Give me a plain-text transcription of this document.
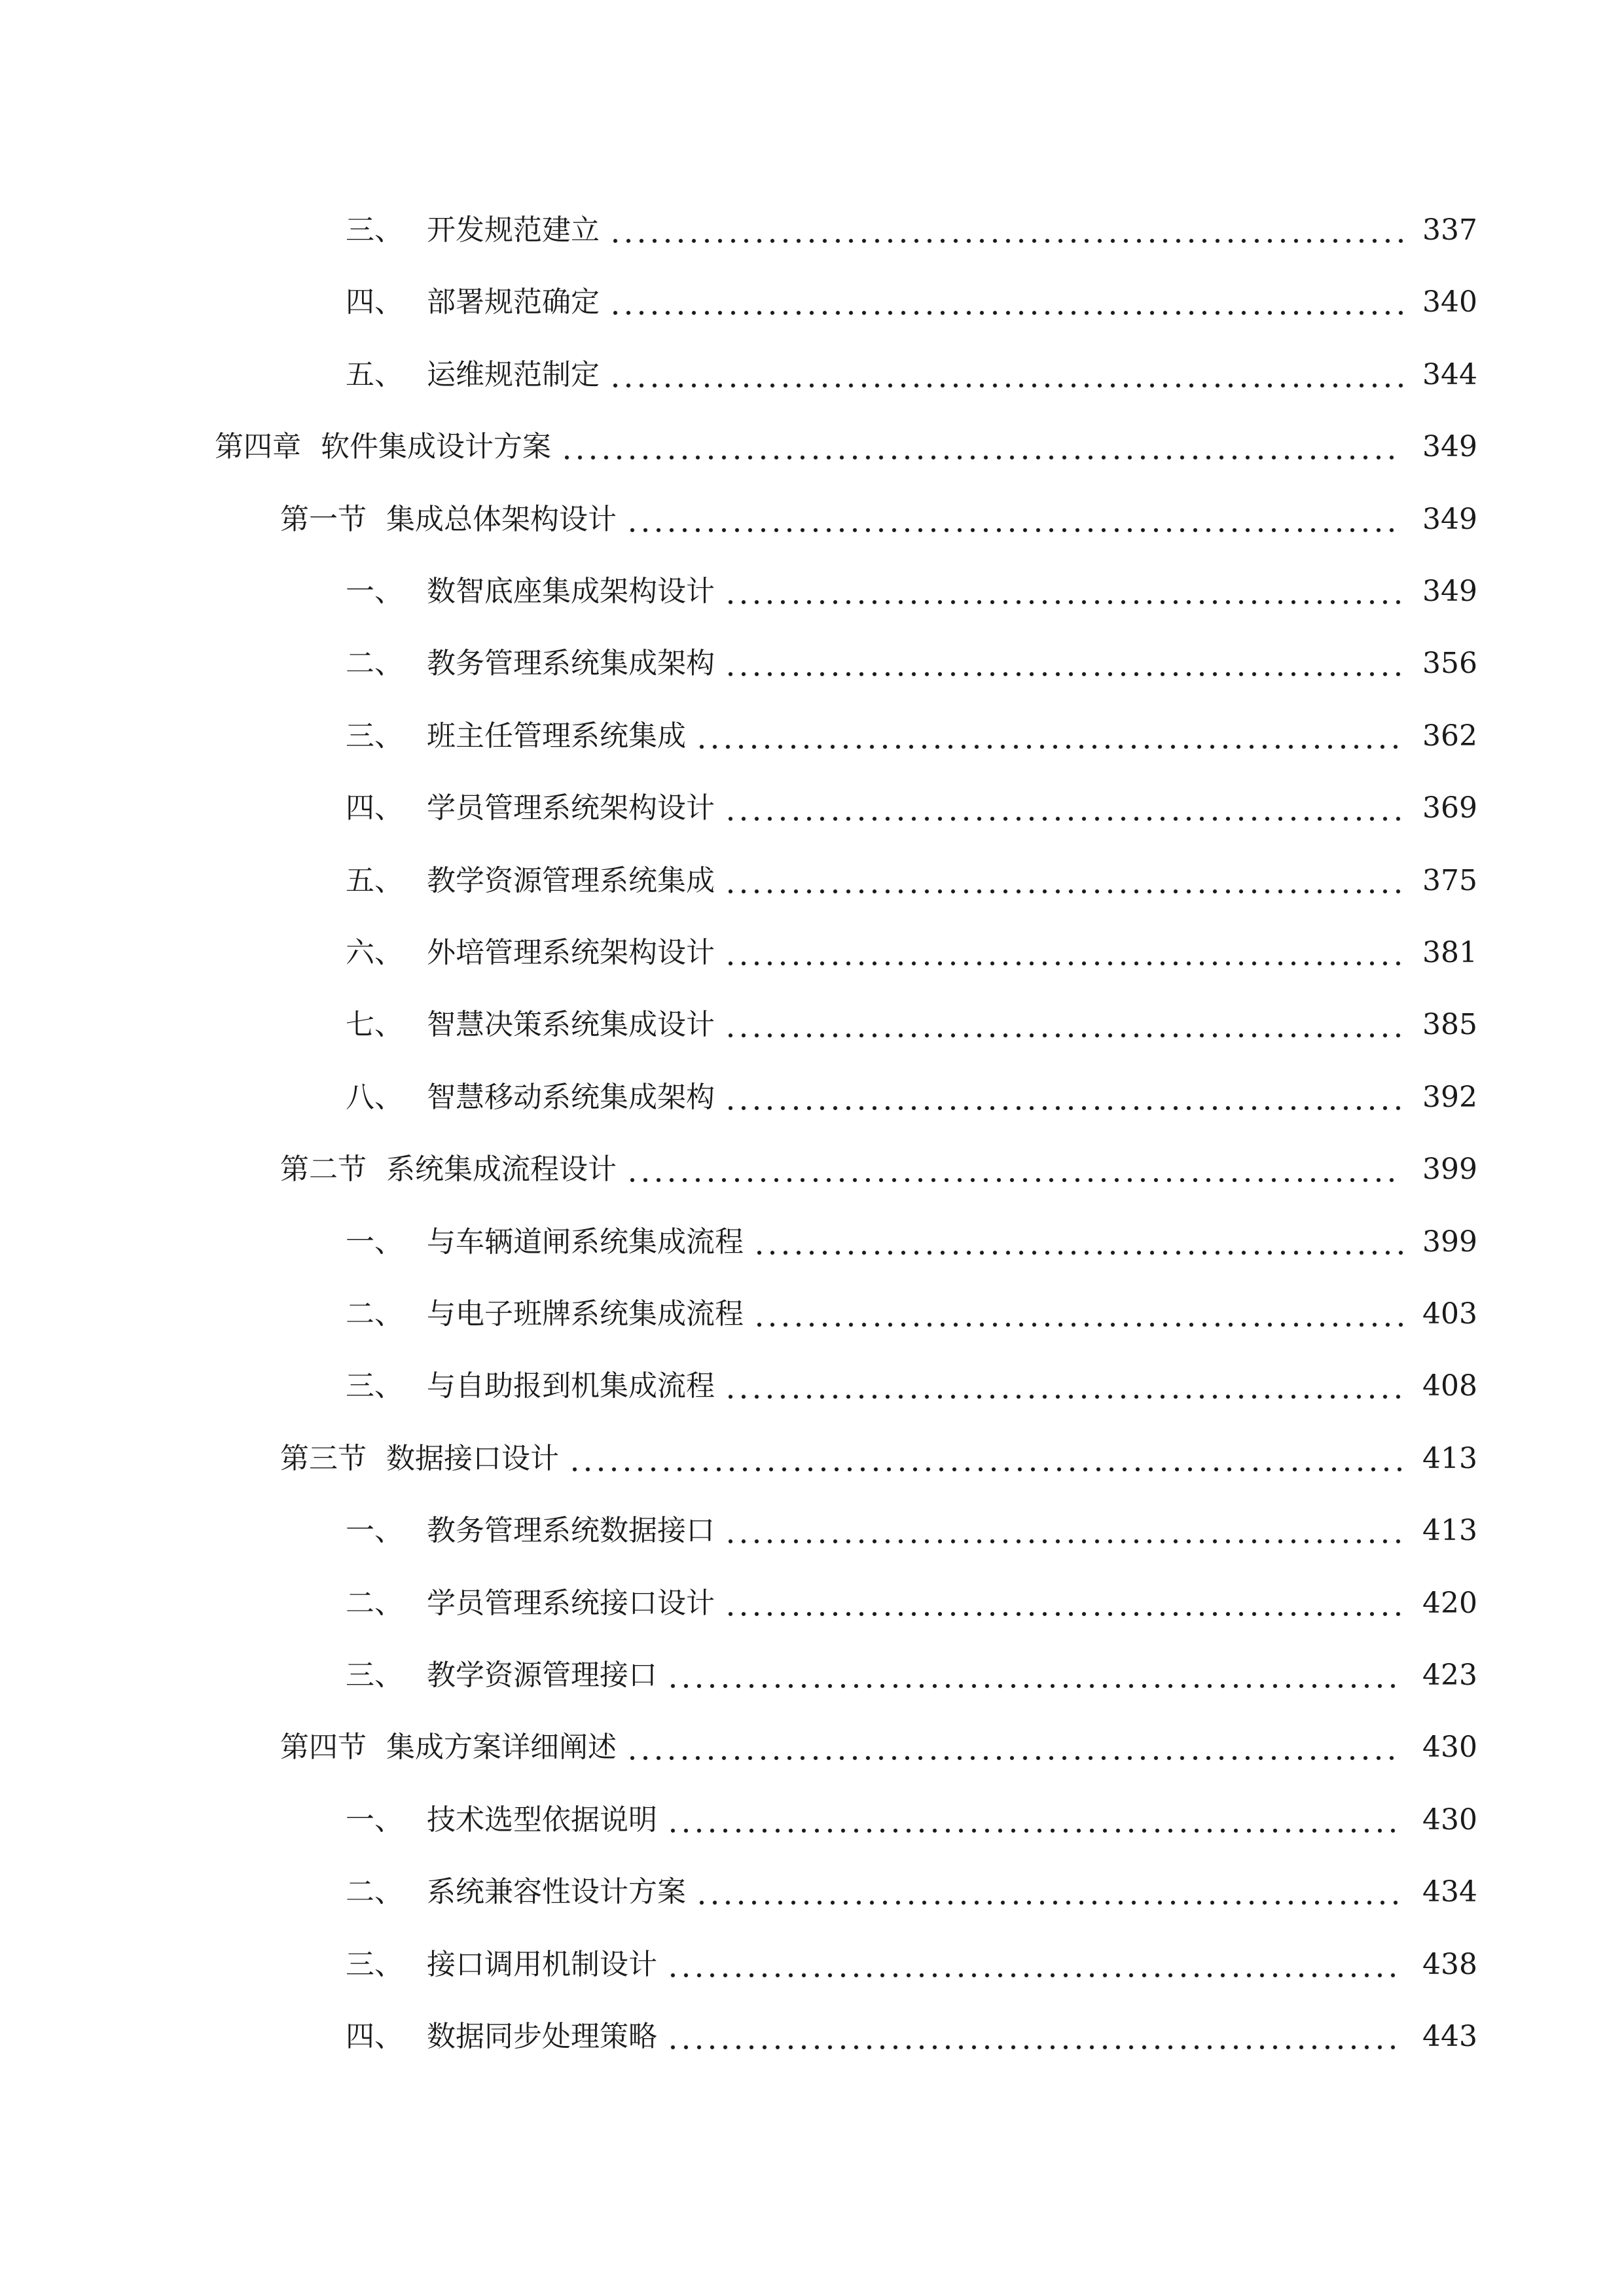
三、 开发规范建立	337
四、 部署规范确定	340
五、 运维规范制定	344
第四章 软件集成设计方案	349
第一节 集成总体架构设计	349
一、 数智底座集成架构设计	349
二、 教务管理系统集成架构	356
三、 班主任管理系统集成	362
四、 学员管理系统架构设计	369
五、 教学资源管理系统集成	375
六、 外培管理系统架构设计	381
七、 智慧决策系统集成设计	385
八、 智慧移动系统集成架构	392
第二节 系统集成流程设计	399
一、 与车辆道闸系统集成流程	399
二、 与电子班牌系统集成流程	403
三、 与自助报到机集成流程	408
第三节 数据接口设计	413
一、 教务管理系统数据接口	413
二、 学员管理系统接口设计	420
三、 教学资源管理接口	423
第四节 集成方案详细阐述	430
一、 技术选型依据说明	430
二、 系统兼容性设计方案	434
三、 接口调用机制设计	438
四、 数据同步处理策略	443
